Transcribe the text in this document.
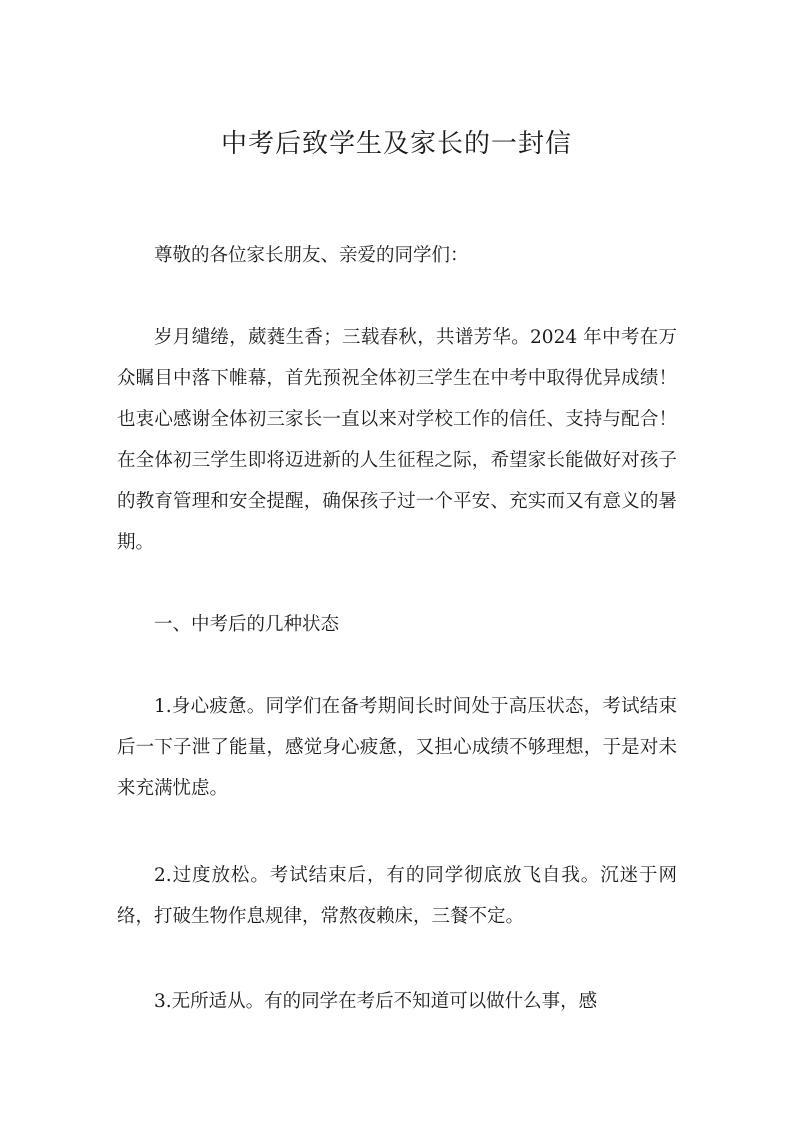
中考后致学生及家长的一封信

尊敬的各位家长朋友、亲爱的同学们：

岁月缱绻，葳蕤生香；三载春秋，共谱芳华。2024 年中考在万众瞩目中落下帷幕，首先预祝全体初三学生在中考中取得优异成绩！也衷心感谢全体初三家长一直以来对学校工作的信任、支持与配合！在全体初三学生即将迈进新的人生征程之际，希望家长能做好对孩子的教育管理和安全提醒，确保孩子过一个平安、充实而又有意义的暑期。

一、中考后的几种状态

1.身心疲惫。同学们在备考期间长时间处于高压状态，考试结束后一下子泄了能量，感觉身心疲惫，又担心成绩不够理想，于是对未来充满忧虑。

2.过度放松。考试结束后，有的同学彻底放飞自我。沉迷于网络，打破生物作息规律，常熬夜赖床，三餐不定。

3.无所适从。有的同学在考后不知道可以做什么事，感
